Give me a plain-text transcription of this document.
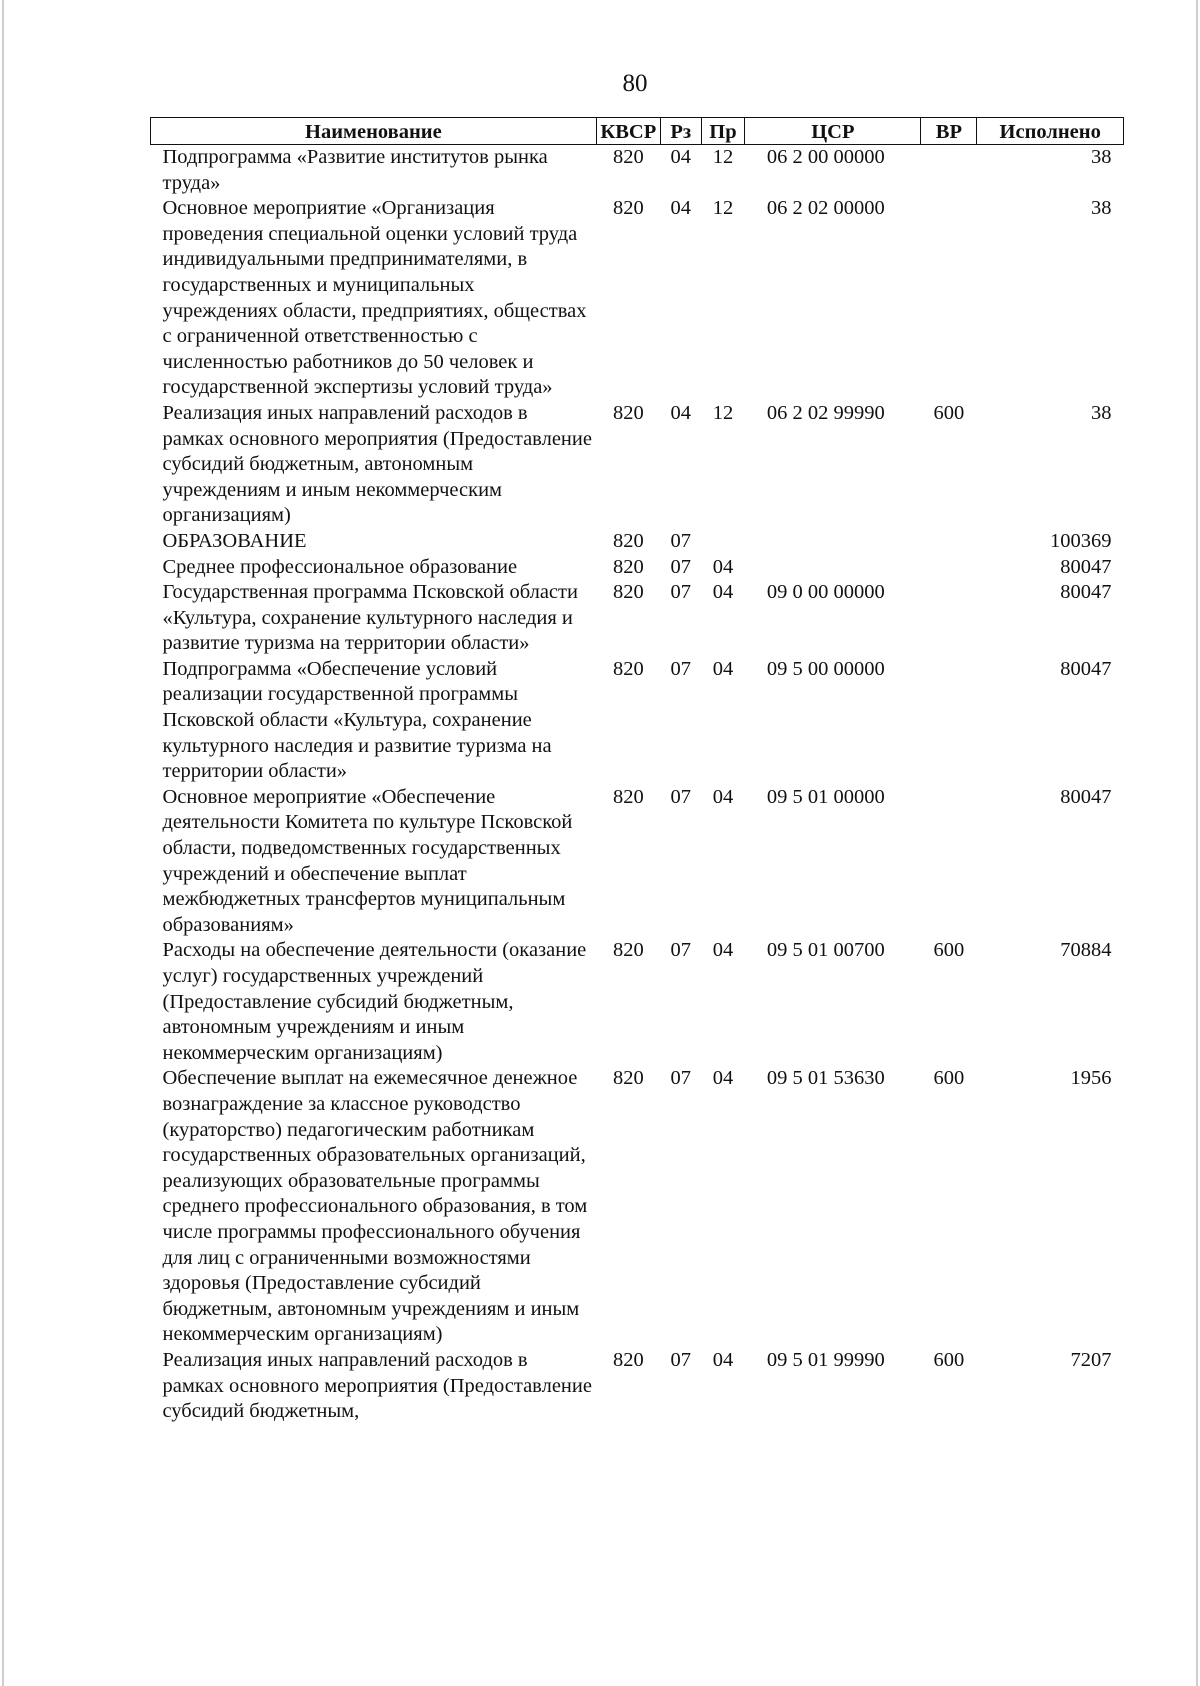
80
Наименование	КВСР	Рз	Пр	ЦСР	ВР	Исполнено
Подпрограмма «Развитие институтов рынка труда»	820	04	12	06 2 00 00000		38
Основное мероприятие «Организация проведения специальной оценки условий труда индивидуальными предпринимателями, в государственных и муниципальных учреждениях области, предприятиях, обществах с ограниченной ответственностью с численностью работников до 50 человек и государственной экспертизы условий труда»	820	04	12	06 2 02 00000		38
Реализация иных направлений расходов в рамках основного мероприятия (Предоставление субсидий бюджетным, автономным учреждениям и иным некоммерческим организациям)	820	04	12	06 2 02 99990	600	38
ОБРАЗОВАНИЕ	820	07				100369
Среднее профессиональное образование	820	07	04			80047
Государственная программа Псковской области «Культура, сохранение культурного наследия и развитие туризма на территории области»	820	07	04	09 0 00 00000		80047
Подпрограмма «Обеспечение условий реализации государственной программы Псковской области «Культура, сохранение культурного наследия и развитие туризма на территории области»	820	07	04	09 5 00 00000		80047
Основное мероприятие «Обеспечение деятельности Комитета по культуре Псковской области, подведомственных государственных учреждений и обеспечение выплат межбюджетных трансфертов муниципальным образованиям»	820	07	04	09 5 01 00000		80047
Расходы на обеспечение деятельности (оказание услуг) государственных учреждений (Предоставление субсидий бюджетным, автономным учреждениям и иным некоммерческим организациям)	820	07	04	09 5 01 00700	600	70884
Обеспечение выплат на ежемесячное денежное вознаграждение за классное руководство (кураторство) педагогическим работникам государственных образовательных организаций, реализующих образовательные программы среднего профессионального образования, в том числе программы профессионального обучения для лиц с ограниченными возможностями здоровья (Предоставление субсидий бюджетным, автономным учреждениям и иным некоммерческим организациям)	820	07	04	09 5 01 53630	600	1956
Реализация иных направлений расходов в рамках основного мероприятия (Предоставление субсидий бюджетным,	820	07	04	09 5 01 99990	600	7207
